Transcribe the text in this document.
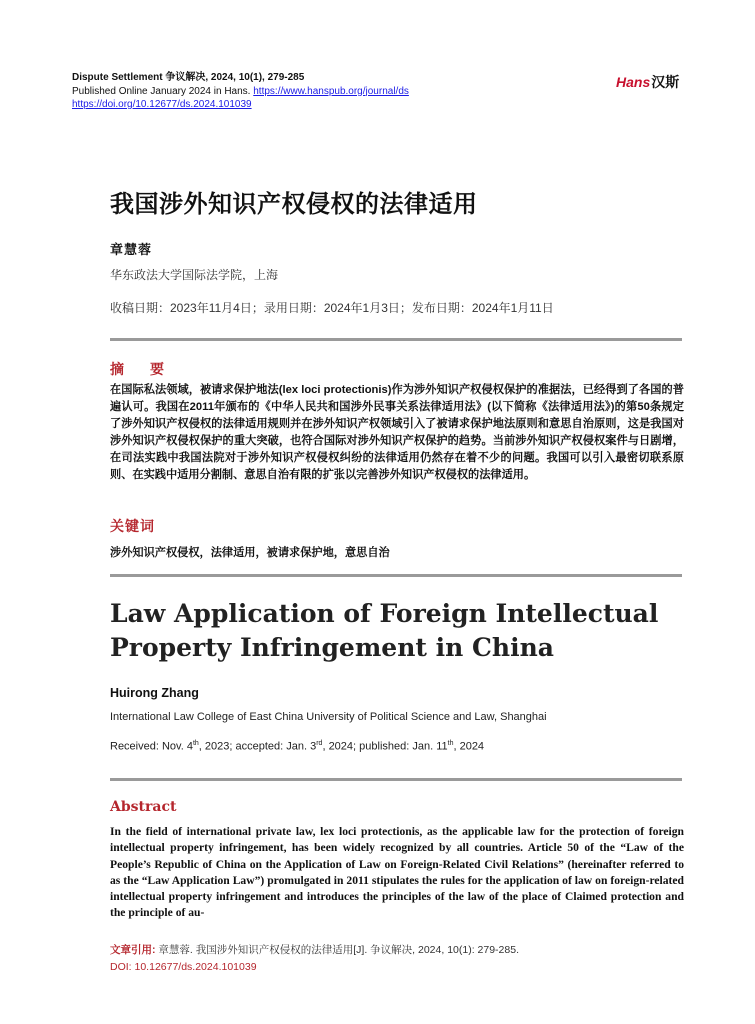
Dispute Settlement 争议解决, 2024, 10(1), 279-285
Published Online January 2024 in Hans. https://www.hanspub.org/journal/ds
https://doi.org/10.12677/ds.2024.101039
Hans汉斯
我国涉外知识产权侵权的法律适用
章慧蓉
华东政法大学国际法学院，上海
收稿日期：2023年11月4日；录用日期：2024年1月3日；发布日期：2024年1月11日
摘　要
在国际私法领域，被请求保护地法(lex loci protectionis)作为涉外知识产权侵权保护的准据法，已经得到了各国的普遍认可。我国在2011年颁布的《中华人民共和国涉外民事关系法律适用法》(以下简称《法律适用法》)的第50条规定了涉外知识产权侵权的法律适用规则并在涉外知识产权领域引入了被请求保护地法原则和意思自治原则，这是我国对涉外知识产权侵权保护的重大突破，也符合国际对涉外知识产权保护的趋势。当前涉外知识产权侵权案件与日剧增，在司法实践中我国法院对于涉外知识产权侵权纠纷的法律适用仍然存在着不少的问题。我国可以引入最密切联系原则、在实践中适用分割制、意思自治有限的扩张以完善涉外知识产权侵权的法律适用。
关键词
涉外知识产权侵权，法律适用，被请求保护地，意思自治
Law Application of Foreign Intellectual Property Infringement in China
Huirong Zhang
International Law College of East China University of Political Science and Law, Shanghai
Received: Nov. 4th, 2023; accepted: Jan. 3rd, 2024; published: Jan. 11th, 2024
Abstract
In the field of international private law, lex loci protectionis, as the applicable law for the protection of foreign intellectual property infringement, has been widely recognized by all countries. Article 50 of the “Law of the People’s Republic of China on the Application of Law on Foreign-Related Civil Relations” (hereinafter referred to as the “Law Application Law”) promulgated in 2011 stipulates the rules for the application of law on foreign-related intellectual property infringement and introduces the principles of the law of the place of Claimed protection and the principle of au-
文章引用: 章慧蓉. 我国涉外知识产权侵权的法律适用[J]. 争议解决, 2024, 10(1): 279-285.
DOI: 10.12677/ds.2024.101039
